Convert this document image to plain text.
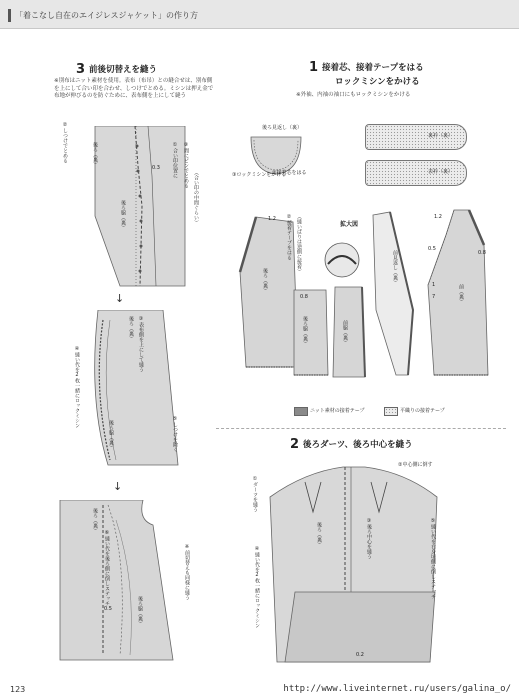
「着こなし自在のエイジレスジャケット」の作り方
3 前後切替えを縫う
※別布はニット素材を使用。表布（布吊）との縫合せは、別布側を上にして合い印を合わせ、しつけでとめる。ミシンは押え金で布地が伸びるのを防ぐために、表布側を上にして縫う
②しつけでとめる	後ろ（裏）	①合い印位置に ③間にピンでとめる
（合い印の中間ぐらい）
後ろ脇（裏）
0.3
↓
後ろ（裏） ③表布側を上にして縫う
④縫い代を2枚一緒にロックミシン
⑤しつけを除く
後ろ脇（裏）
↓
後ろ（裏）
⑥縫い代を後ろ側に倒しステッチ
後ろ脇（裏）
0.5
※前切替えも同様に縫う
1 接着芯、接着テープをはる
ロックミシンをかける
※外袖、内袖の袖口にもロックミシンをかける
後ろ見返し（裏）
①接着芯をはる
③ロックミシンをかける
裏衿（裏）
表衿（裏）
後ろ（裏）
1.2
後ろ脇（裏）
0.8
②接着テープをはる （縫いぱりは逆側に接着）	拡大図
前脇（裏）
前見返し（裏）
前（裏）
1.2
0.8
0.5
1
7
ニット素材の接着テープ	平織りの接着テープ
2 後ろダーツ、後ろ中心を縫う
②中心側に倒す
①ダーツを縫う
後ろ（裏）	③後ろ中心を縫う
④縫い代を2枚一緒にロックミシン	⑤縫い代を右身頃側に倒しステッチ
0.2
123	http://www.liveinternet.ru/users/galina_o/
